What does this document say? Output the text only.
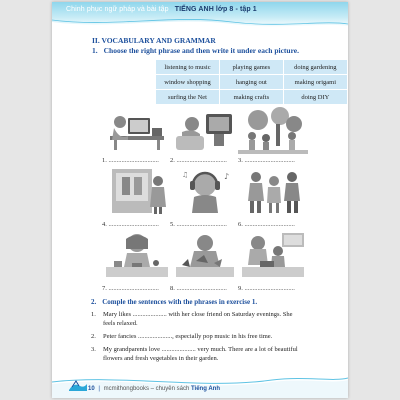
Chinh phục ngữ pháp và bài tập TIẾNG ANH lớp 8 - tập 1
II. VOCABULARY AND GRAMMAR
1. Choose the right phrase and then write it under each picture.
listening to music	playing games	doing gardening
window shopping	hanging out	making origami
surfing the Net	making crafts	doing DIY
1. ............................... 2. ............................... 3. ...............................
4. ...............................
♪
♫
5. ............................... 6. ...............................
7. ............................... 8. ............................... 9. ...............................
2. Comple the sentences with the phrases in exercise 1.
1.	Mary likes ..................... with her close friend on Saturday evenings. She feels relaxed.
2.	Peter fancies ....................., especially pop music in his free time.
3.	My grandparents love ..................... very much. There are a lot of beautiful flowers and fresh vegetables in their garden.
10 | mcmithongbooks – chuyên sách Tiếng Anh
